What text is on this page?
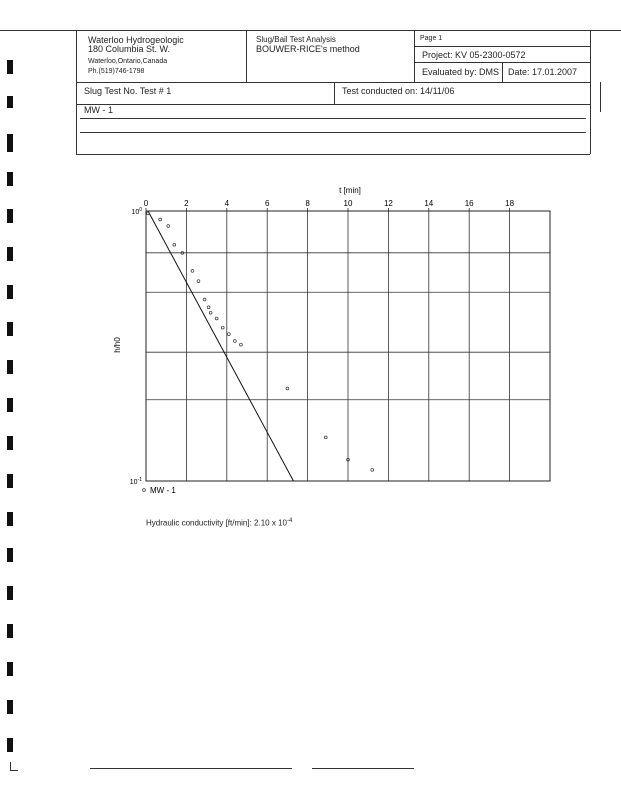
Waterloo Hydrogeologic
180 Columbia St. W.
Waterloo,Ontario,Canada
Ph.(519)746-1798
Slug/Bail Test Analysis
BOUWER-RICE's method
Page 1
Project: KV 05-2300-0572
Evaluated by: DMS Date: 17.01.2007
Slug Test No. Test # 1	Test conducted on: 14/11/06
MW - 1
0	2	4	6	8	10	12	14	16	18
$10^0$
$10^{-1}$
t [min]
h/h0
MW - 1
Hydraulic conductivity [ft/min]: 2.10 x $10^{-4}$
